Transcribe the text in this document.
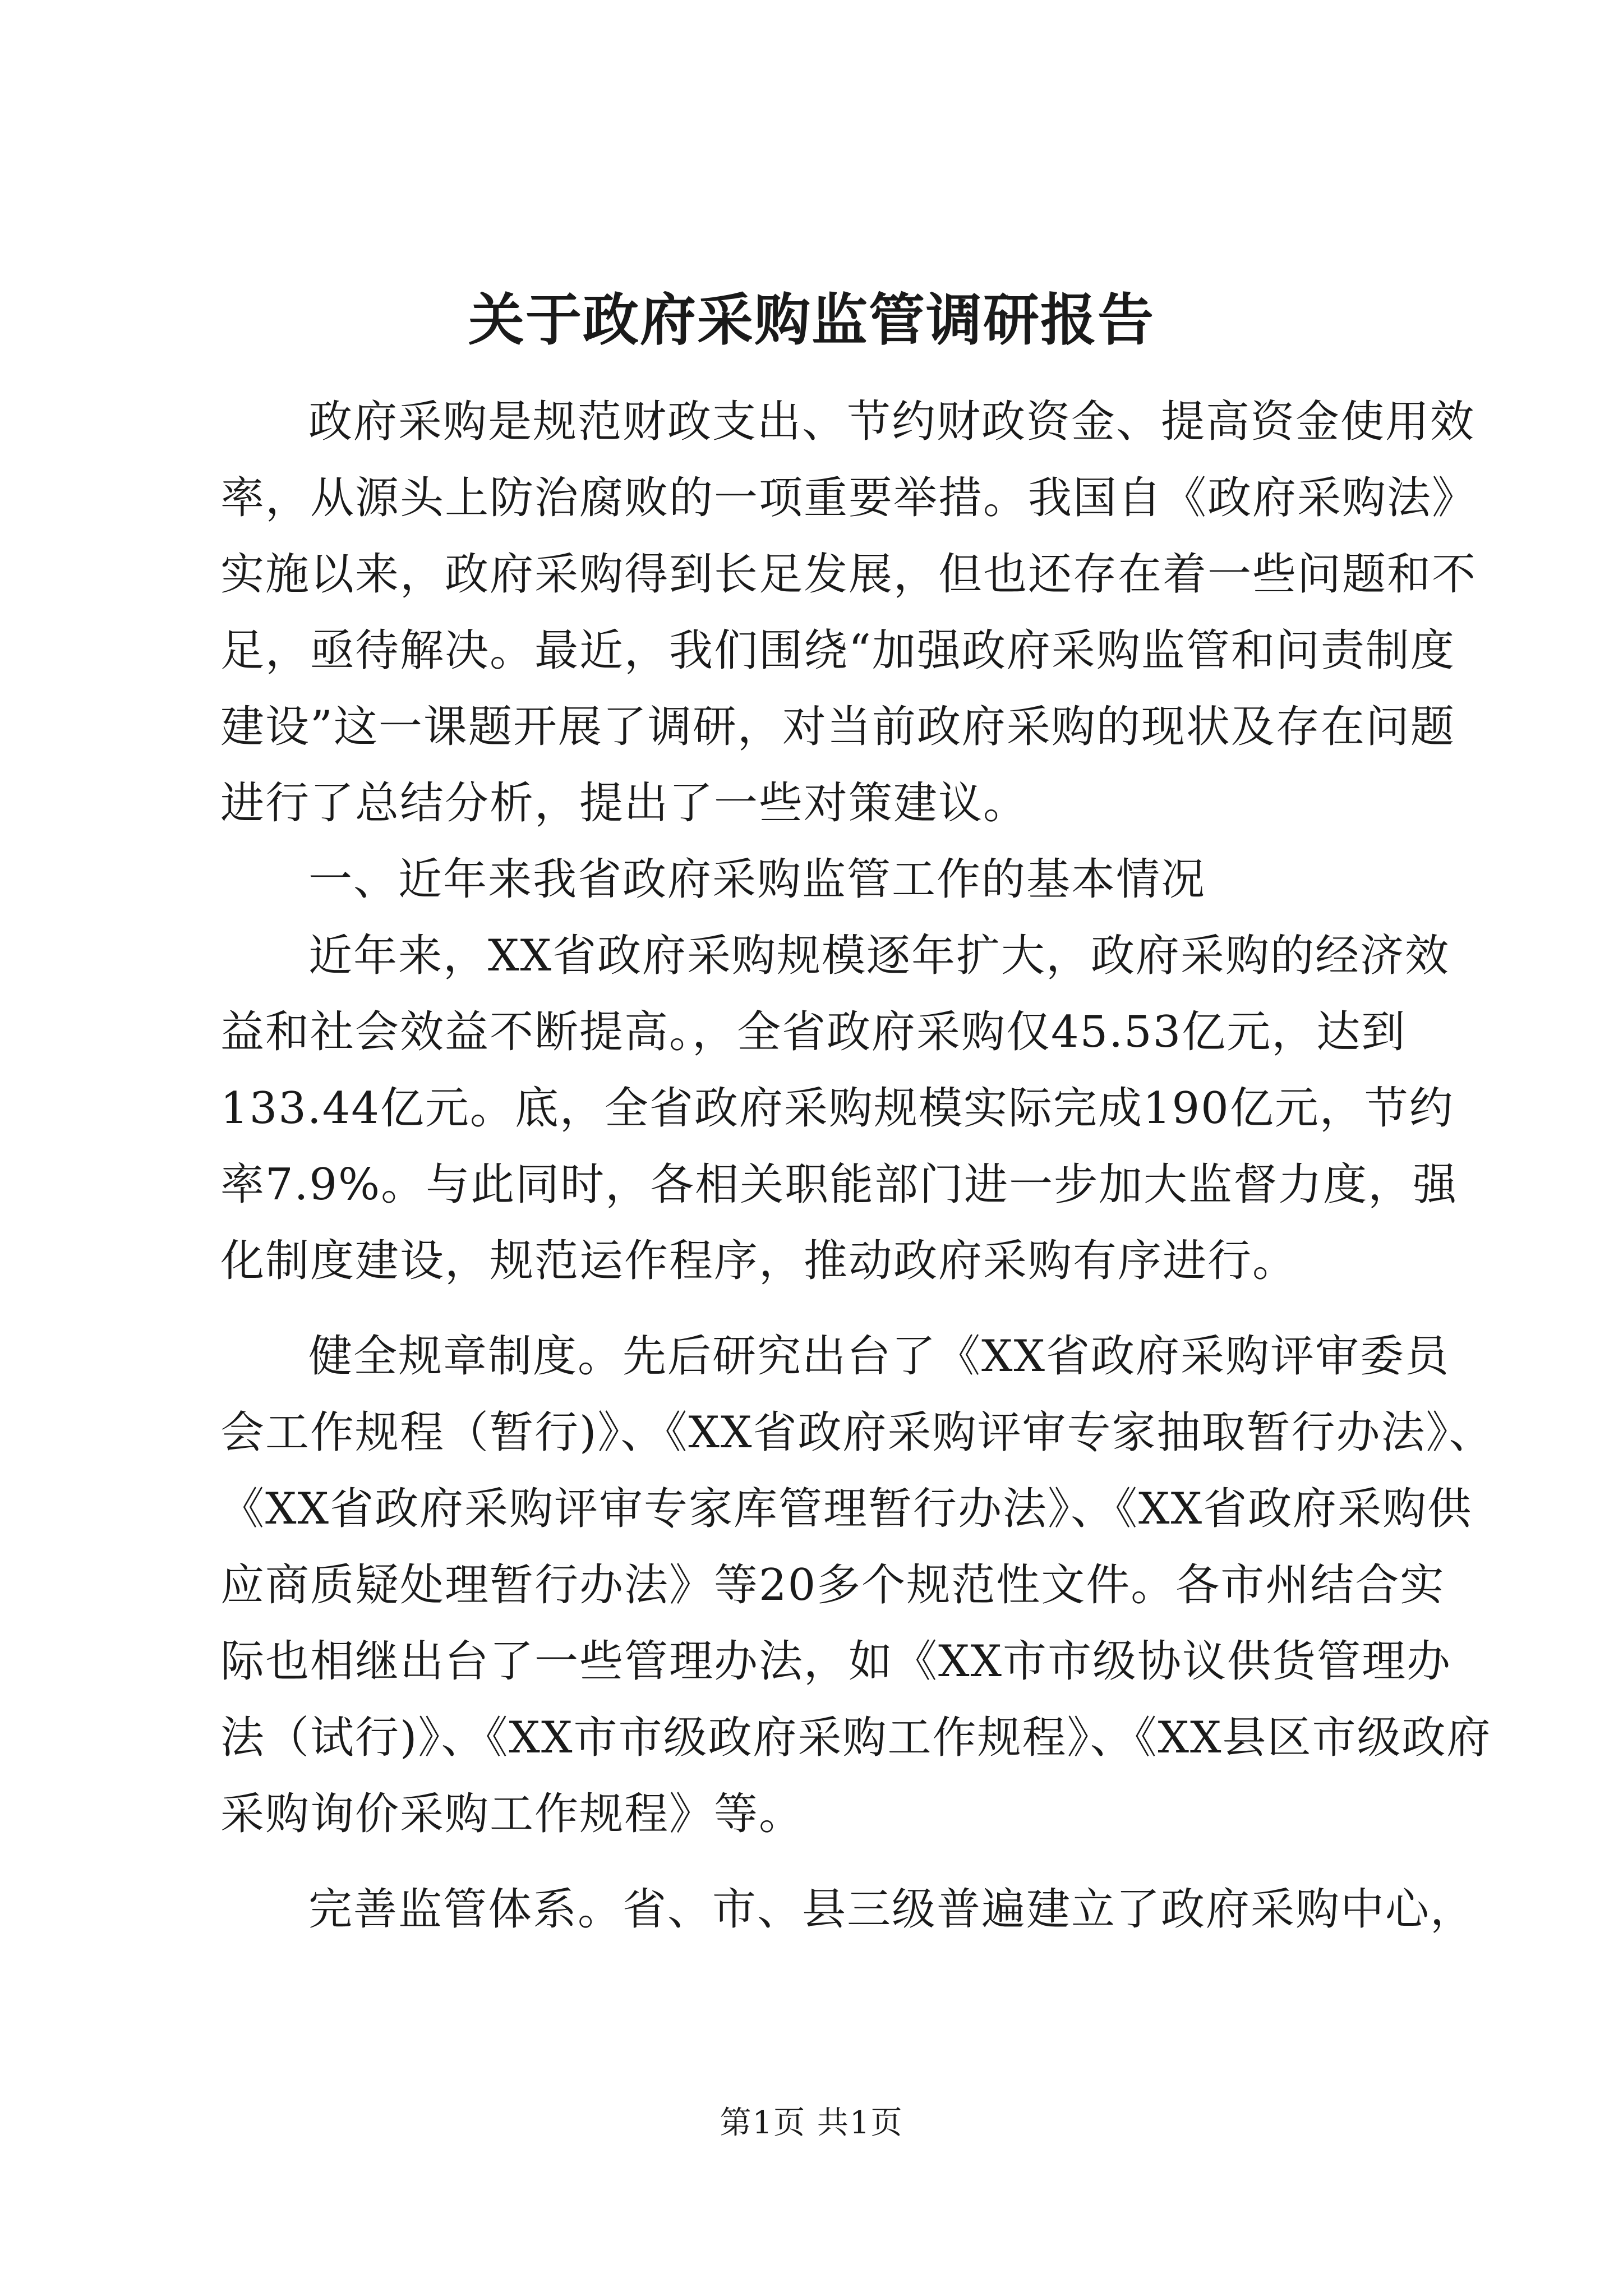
关于政府采购监管调研报告

政府采购是规范财政支出、节约财政资金、提高资金使用效

率，从源头上防治腐败的一项重要举措。我国自《政府采购法》

实施以来，政府采购得到长足发展，但也还存在着一些问题和不

足，亟待解决。最近，我们围绕“加强政府采购监管和问责制度

建设”这一课题开展了调研，对当前政府采购的现状及存在问题

进行了总结分析，提出了一些对策建议。

一、近年来我省政府采购监管工作的基本情况

近年来，XX省政府采购规模逐年扩大，政府采购的经济效

益和社会效益不断提高。，全省政府采购仅45.53亿元，达到

133.44亿元。底，全省政府采购规模实际完成190亿元，节约

率7.9%。与此同时，各相关职能部门进一步加大监督力度，强

化制度建设，规范运作程序，推动政府采购有序进行。

健全规章制度。先后研究出台了《XX省政府采购评审委员

会工作规程（暂行)》、《XX省政府采购评审专家抽取暂行办法》、

《XX省政府采购评审专家库管理暂行办法》、《XX省政府采购供

应商质疑处理暂行办法》等20多个规范性文件。各市州结合实

际也相继出台了一些管理办法，如《XX市市级协议供货管理办

法（试行)》、《XX市市级政府采购工作规程》、《XX县区市级政府

采购询价采购工作规程》等。

完善监管体系。省、市、县三级普遍建立了政府采购中心，

第1页 共1页
